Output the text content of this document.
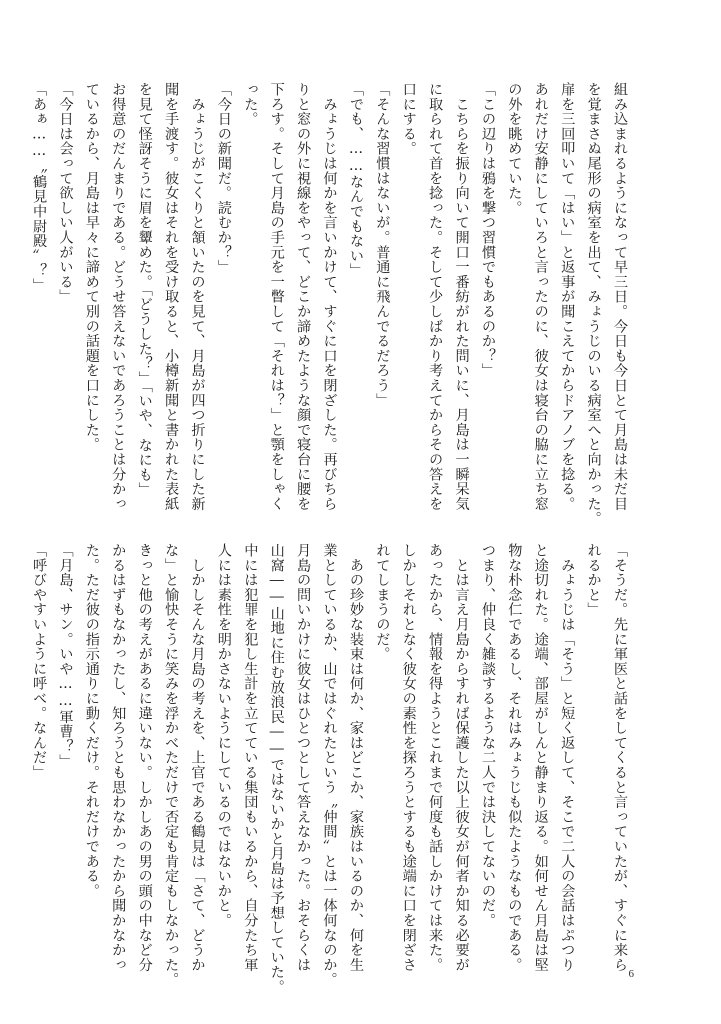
組み込まれるようになって早三日。今日も今日とて月島は未だ目
を覚まさぬ尾形の病室を出て、みょうじのいる病室へと向かった。
扉を三回叩いて「はい」と返事が聞こえてからドアノブを捻る。
あれだけ安静にしていろと言ったのに、彼女は寝台の脇に立ち窓
の外を眺めていた。
「この辺りは鴉を撃つ習慣でもあるのか？」
　こちらを振り向いて開口一番紡がれた問いに、月島は一瞬呆気
に取られて首を捻った。そして少しばかり考えてからその答えを
口にする。
「そんな習慣はないが。普通に飛んでるだろう」
「でも、……なんでもない」
　みょうじは何かを言いかけて、すぐに口を閉ざした。再びちら
りと窓の外に視線をやって、どこか諦めたような顔で寝台に腰を
下ろす。そして月島の手元を一瞥して「それは？」と顎をしゃく
った。
「今日の新聞だ。読むか？」
　みょうじがこくりと頷いたのを見て、月島が四つ折りにした新
聞を手渡す。彼女はそれを受け取ると、小樽新聞と書かれた表紙
を見て怪訝そうに眉を顰めた。「どうした？」「いや、なにも」
お得意のだんまりである。どうせ答えないであろうことは分かっ
ているから、月島は早々に諦めて別の話題を口にした。
「今日は会って欲しい人がいる」
「あぁ……〝鶴見中尉殿〟？」
「そうだ。先に軍医と話をしてくると言っていたが、すぐに来ら
れるかと」
　みょうじは「そう」と短く返して、そこで二人の会話はぷつり
と途切れた。途端、部屋がしんと静まり返る。如何せん月島は堅
物な朴念仁であるし、それはみょうじも似たようなものである。
つまり、仲良く雑談するような二人では決してないのだ。
　とは言え月島からすれば保護した以上彼女が何者か知る必要が
あったから、情報を得ようとこれまで何度も話しかけては来た。
しかしそれとなく彼女の素性を探ろうとするも途端に口を閉ざさ
れてしまうのだ。
　あの珍妙な装束は何か、家はどこか、家族はいるのか、何を生
業としているか、山ではぐれたという〝仲間〟とは一体何なのか。
月島の問いかけに彼女はひとつとして答えなかった。おそらくは
山窩――山地に住む放浪民――ではないかと月島は予想していた。
中には犯罪を犯し生計を立てている集団もいるから、自分たち軍
人には素性を明かさないようにしているのではないかと。
　しかしそんな月島の考えを、上官である鶴見は「さて、どうか
な」と愉快そうに笑みを浮かべただけで否定も肯定もしなかった。
きっと他の考えがあるに違いない。しかしあの男の頭の中など分
かるはずもなかったし、知ろうとも思わなかったから聞かなかっ
た。ただ彼の指示通りに動くだけ。それだけである。
「月島、サン。いや……軍曹？」
「呼びやすいように呼べ。なんだ」
6
